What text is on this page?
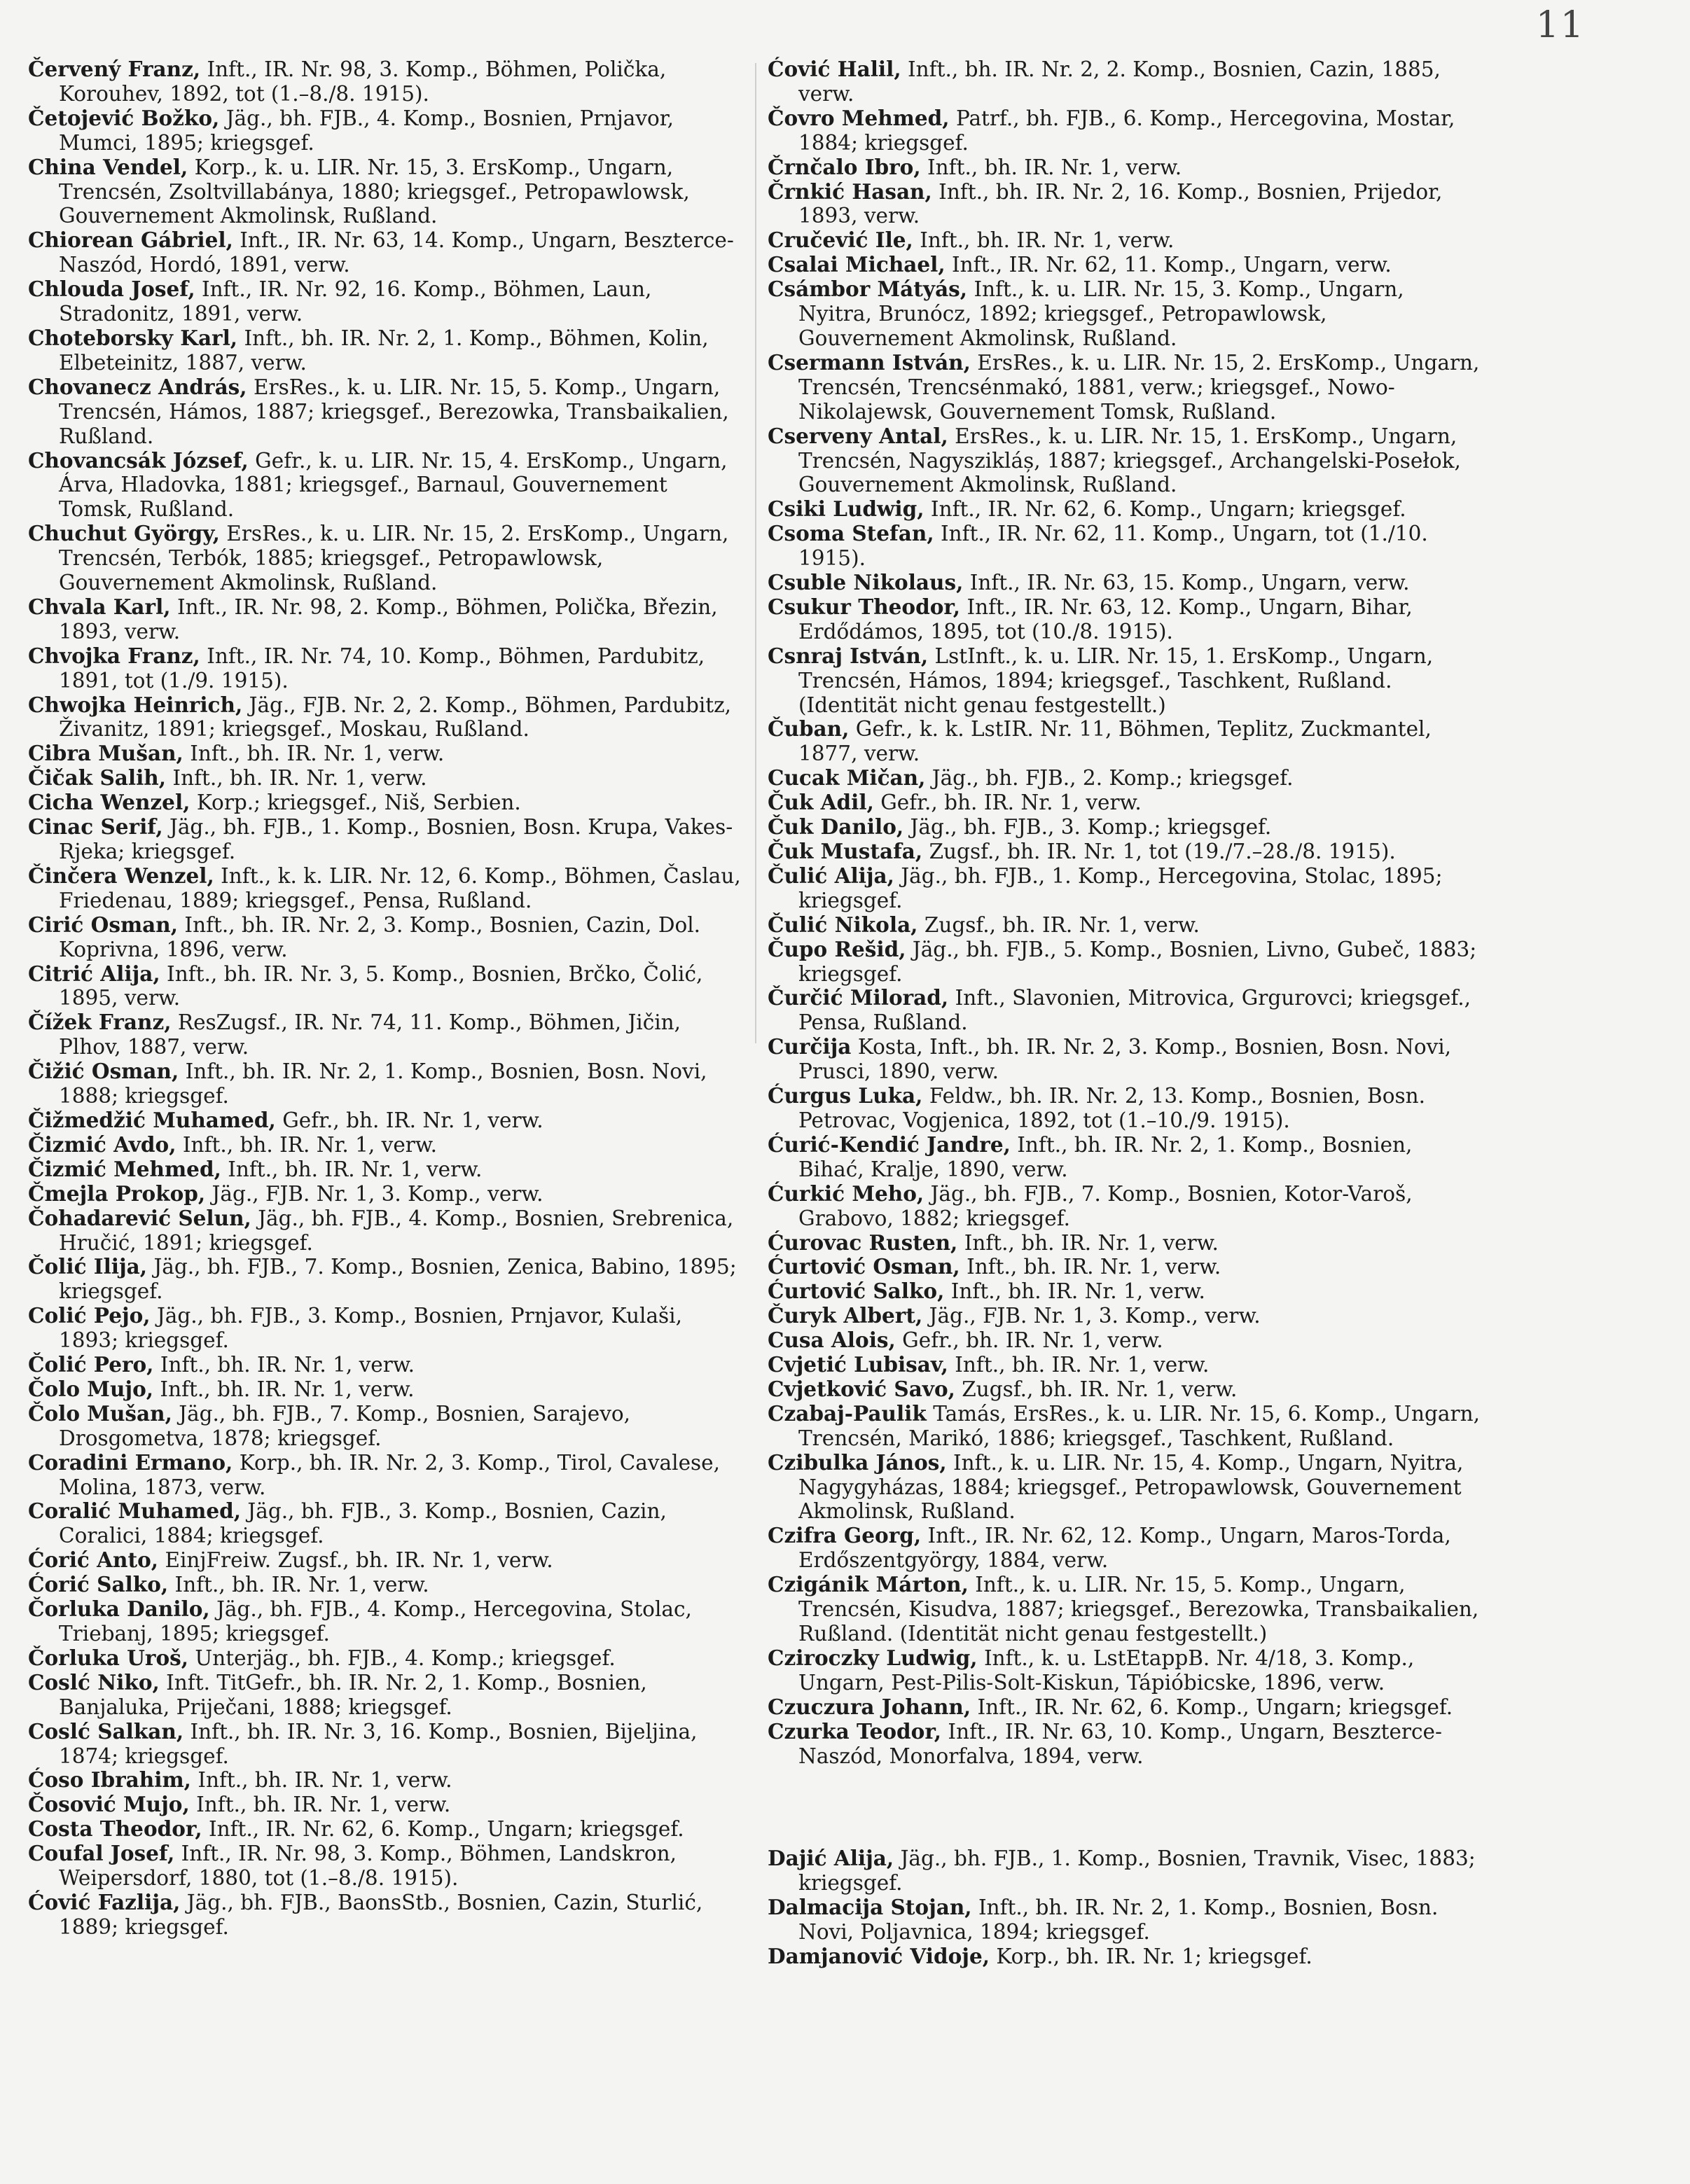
11
Červený Franz, Inft., IR. Nr. 98, 3. Komp., Böhmen, Polička, Korouhev, 1892, tot (1.–8./8. 1915).
Četojević Božko, Jäg., bh. FJB., 4. Komp., Bosnien, Prnjavor, Mumci, 1895; kriegsgef.
China Vendel, Korp., k. u. LIR. Nr. 15, 3. ErsKomp., Ungarn, Trencsén, Zsoltvillabánya, 1880; kriegsgef., Petropawlowsk, Gouvernement Akmolinsk, Rußland.
Chiorean Gábriel, Inft., IR. Nr. 63, 14. Komp., Ungarn, Beszterce-Naszód, Hordó, 1891, verw.
Chlouda Josef, Inft., IR. Nr. 92, 16. Komp., Böhmen, Laun, Stradonitz, 1891, verw.
Choteborsky Karl, Inft., bh. IR. Nr. 2, 1. Komp., Böhmen, Kolin, Elbeteinitz, 1887, verw.
Chovanecz András, ErsRes., k. u. LIR. Nr. 15, 5. Komp., Ungarn, Trencsén, Hámos, 1887; kriegsgef., Berezowka, Transbaikalien, Rußland.
Chovancsák József, Gefr., k. u. LIR. Nr. 15, 4. ErsKomp., Ungarn, Árva, Hladovka, 1881; kriegsgef., Barnaul, Gouvernement Tomsk, Rußland.
Chuchut György, ErsRes., k. u. LIR. Nr. 15, 2. ErsKomp., Ungarn, Trencsén, Terbók, 1885; kriegsgef., Petropawlowsk, Gouvernement Akmolinsk, Rußland.
Chvala Karl, Inft., IR. Nr. 98, 2. Komp., Böhmen, Polička, Březin, 1893, verw.
Chvojka Franz, Inft., IR. Nr. 74, 10. Komp., Böhmen, Pardubitz, 1891, tot (1./9. 1915).
Chwojka Heinrich, Jäg., FJB. Nr. 2, 2. Komp., Böhmen, Pardubitz, Živanitz, 1891; kriegsgef., Moskau, Rußland.
Cibra Mušan, Inft., bh. IR. Nr. 1, verw.
Čičak Salih, Inft., bh. IR. Nr. 1, verw.
Cicha Wenzel, Korp.; kriegsgef., Niš, Serbien.
Cinac Serif, Jäg., bh. FJB., 1. Komp., Bosnien, Bosn. Krupa, Vakes-Rjeka; kriegsgef.
Činčera Wenzel, Inft., k. k. LIR. Nr. 12, 6. Komp., Böhmen, Časlau, Friedenau, 1889; kriegsgef., Pensa, Rußland.
Cirić Osman, Inft., bh. IR. Nr. 2, 3. Komp., Bosnien, Cazin, Dol. Koprivna, 1896, verw.
Citrić Alija, Inft., bh. IR. Nr. 3, 5. Komp., Bosnien, Brčko, Čolić, 1895, verw.
Čížek Franz, ResZugsf., IR. Nr. 74, 11. Komp., Böhmen, Jičin, Plhov, 1887, verw.
Čižić Osman, Inft., bh. IR. Nr. 2, 1. Komp., Bosnien, Bosn. Novi, 1888; kriegsgef.
Čižmedžić Muhamed, Gefr., bh. IR. Nr. 1, verw.
Čizmić Avdo, Inft., bh. IR. Nr. 1, verw.
Čizmić Mehmed, Inft., bh. IR. Nr. 1, verw.
Čmejla Prokop, Jäg., FJB. Nr. 1, 3. Komp., verw.
Čohadarević Selun, Jäg., bh. FJB., 4. Komp., Bosnien, Srebrenica, Hručić, 1891; kriegsgef.
Čolić Ilija, Jäg., bh. FJB., 7. Komp., Bosnien, Zenica, Babino, 1895; kriegsgef.
Colić Pejo, Jäg., bh. FJB., 3. Komp., Bosnien, Prnjavor, Kulaši, 1893; kriegsgef.
Čolić Pero, Inft., bh. IR. Nr. 1, verw.
Čolo Mujo, Inft., bh. IR. Nr. 1, verw.
Čolo Mušan, Jäg., bh. FJB., 7. Komp., Bosnien, Sarajevo, Drosgometva, 1878; kriegsgef.
Coradini Ermano, Korp., bh. IR. Nr. 2, 3. Komp., Tirol, Cavalese, Molina, 1873, verw.
Coralić Muhamed, Jäg., bh. FJB., 3. Komp., Bosnien, Cazin, Coralici, 1884; kriegsgef.
Ćorić Anto, EinjFreiw. Zugsf., bh. IR. Nr. 1, verw.
Ćorić Salko, Inft., bh. IR. Nr. 1, verw.
Čorluka Danilo, Jäg., bh. FJB., 4. Komp., Hercegovina, Stolac, Triebanj, 1895; kriegsgef.
Čorluka Uroš, Unterjäg., bh. FJB., 4. Komp.; kriegsgef.
Coslć Niko, Inft. TitGefr., bh. IR. Nr. 2, 1. Komp., Bosnien, Banjaluka, Priječani, 1888; kriegsgef.
Coslć Salkan, Inft., bh. IR. Nr. 3, 16. Komp., Bosnien, Bijeljina, 1874; kriegsgef.
Ćoso Ibrahim, Inft., bh. IR. Nr. 1, verw.
Čosović Mujo, Inft., bh. IR. Nr. 1, verw.
Costa Theodor, Inft., IR. Nr. 62, 6. Komp., Ungarn; kriegsgef.
Coufal Josef, Inft., IR. Nr. 98, 3. Komp., Böhmen, Landskron, Weipersdorf, 1880, tot (1.–8./8. 1915).
Ćović Fazlija, Jäg., bh. FJB., BaonsStb., Bosnien, Cazin, Sturlić, 1889; kriegsgef.
Ćović Halil, Inft., bh. IR. Nr. 2, 2. Komp., Bosnien, Cazin, 1885, verw.
Čovro Mehmed, Patrf., bh. FJB., 6. Komp., Hercegovina, Mostar, 1884; kriegsgef.
Črnčalo Ibro, Inft., bh. IR. Nr. 1, verw.
Črnkić Hasan, Inft., bh. IR. Nr. 2, 16. Komp., Bosnien, Prijedor, 1893, verw.
Cručević Ile, Inft., bh. IR. Nr. 1, verw.
Csalai Michael, Inft., IR. Nr. 62, 11. Komp., Ungarn, verw.
Csámbor Mátyás, Inft., k. u. LIR. Nr. 15, 3. Komp., Ungarn, Nyitra, Brunócz, 1892; kriegsgef., Petropawlowsk, Gouvernement Akmolinsk, Rußland.
Csermann István, ErsRes., k. u. LIR. Nr. 15, 2. ErsKomp., Ungarn, Trencsén, Trencsénmakó, 1881, verw.; kriegsgef., Nowo-Nikolajewsk, Gouvernement Tomsk, Rußland.
Cserveny Antal, ErsRes., k. u. LIR. Nr. 15, 1. ErsKomp., Ungarn, Trencsén, Nagyszikláș, 1887; kriegsgef., Archangelski-Posełok, Gouvernement Akmolinsk, Rußland.
Csiki Ludwig, Inft., IR. Nr. 62, 6. Komp., Ungarn; kriegsgef.
Csoma Stefan, Inft., IR. Nr. 62, 11. Komp., Ungarn, tot (1./10. 1915).
Csuble Nikolaus, Inft., IR. Nr. 63, 15. Komp., Ungarn, verw.
Csukur Theodor, Inft., IR. Nr. 63, 12. Komp., Ungarn, Bihar, Erdőd‌ámos, 1895, tot (10./8. 1915).
Csnraj István, LstInft., k. u. LIR. Nr. 15, 1. ErsKomp., Ungarn, Trencsén, Hámos, 1894; kriegsgef., Taschkent, Rußland. (Identität nicht genau festgestellt.)
Čuban, Gefr., k. k. LstIR. Nr. 11, Böhmen, Teplitz, Zuckmantel, 1877, verw.
Cucak Mičan, Jäg., bh. FJB., 2. Komp.; kriegsgef.
Čuk Adil, Gefr., bh. IR. Nr. 1, verw.
Čuk Danilo, Jäg., bh. FJB., 3. Komp.; kriegsgef.
Čuk Mustafa, Zugsf., bh. IR. Nr. 1, tot (19./7.–28./8. 1915).
Čulić Alija, Jäg., bh. FJB., 1. Komp., Hercegovina, Stolac, 1895; kriegsgef.
Čulić Nikola, Zugsf., bh. IR. Nr. 1, verw.
Čupo Rešid, Jäg., bh. FJB., 5. Komp., Bosnien, Livno, Gubeč, 1883; kriegsgef.
Čurčić Milorad, Inft., Slavonien, Mitrovica, Grgurovci; kriegsgef., Pensa, Rußland.
Curčija Kosta, Inft., bh. IR. Nr. 2, 3. Komp., Bosnien, Bosn. Novi, Prusci, 1890, verw.
Ćurgus Luka, Feldw., bh. IR. Nr. 2, 13. Komp., Bosnien, Bosn. Petrovac, Vogjenica, 1892, tot (1.–10./9. 1915).
Ćurić-Kendić Jandre, Inft., bh. IR. Nr. 2, 1. Komp., Bosnien, Bihać, Kralje, 1890, verw.
Ćurkić Meho, Jäg., bh. FJB., 7. Komp., Bosnien, Kotor-Varoš, Grabovo, 1882; kriegsgef.
Ćurovac Rusten, Inft., bh. IR. Nr. 1, verw.
Ćurtović Osman, Inft., bh. IR. Nr. 1, verw.
Ćurtović Salko, Inft., bh. IR. Nr. 1, verw.
Čuryk Albert, Jäg., FJB. Nr. 1, 3. Komp., verw.
Cusa Alois, Gefr., bh. IR. Nr. 1, verw.
Cvjetić Lubisav, Inft., bh. IR. Nr. 1, verw.
Cvjetković Savo, Zugsf., bh. IR. Nr. 1, verw.
Czabaj-Paulik Tamás, ErsRes., k. u. LIR. Nr. 15, 6. Komp., Ungarn, Trencsén, Marikó, 1886; kriegsgef., Taschkent, Rußland.
Czibulka János, Inft., k. u. LIR. Nr. 15, 4. Komp., Ungarn, Nyitra, Nagygyházas, 1884; kriegsgef., Petropawlowsk, Gouvernement Akmolinsk, Rußland.
Czifra Georg, Inft., IR. Nr. 62, 12. Komp., Ungarn, Maros-Torda, Erdőszentgyörgy, 1884, verw.
Czigánik Márton, Inft., k. u. LIR. Nr. 15, 5. Komp., Ungarn, Trencsén, Kisudva, 1887; kriegsgef., Berezowka, Transbaikalien, Rußland. (Identität nicht genau festgestellt.)
Cziroczky Ludwig, Inft., k. u. LstEtappB. Nr. 4/18, 3. Komp., Ungarn, Pest-Pilis-Solt-Kiskun, Tápióbicske, 1896, verw.
Czuczura Johann, Inft., IR. Nr. 62, 6. Komp., Ungarn; kriegsgef.
Czurka Teodor, Inft., IR. Nr. 63, 10. Komp., Ungarn, Beszterce-Naszód, Monorfalva, 1894, verw.
Dajić Alija, Jäg., bh. FJB., 1. Komp., Bosnien, Travnik, Visec, 1883; kriegsgef.
Dalmacija Stojan, Inft., bh. IR. Nr. 2, 1. Komp., Bosnien, Bosn. Novi, Poljavnica, 1894; kriegsgef.
Damjanović Vidoje, Korp., bh. IR. Nr. 1; kriegsgef.
